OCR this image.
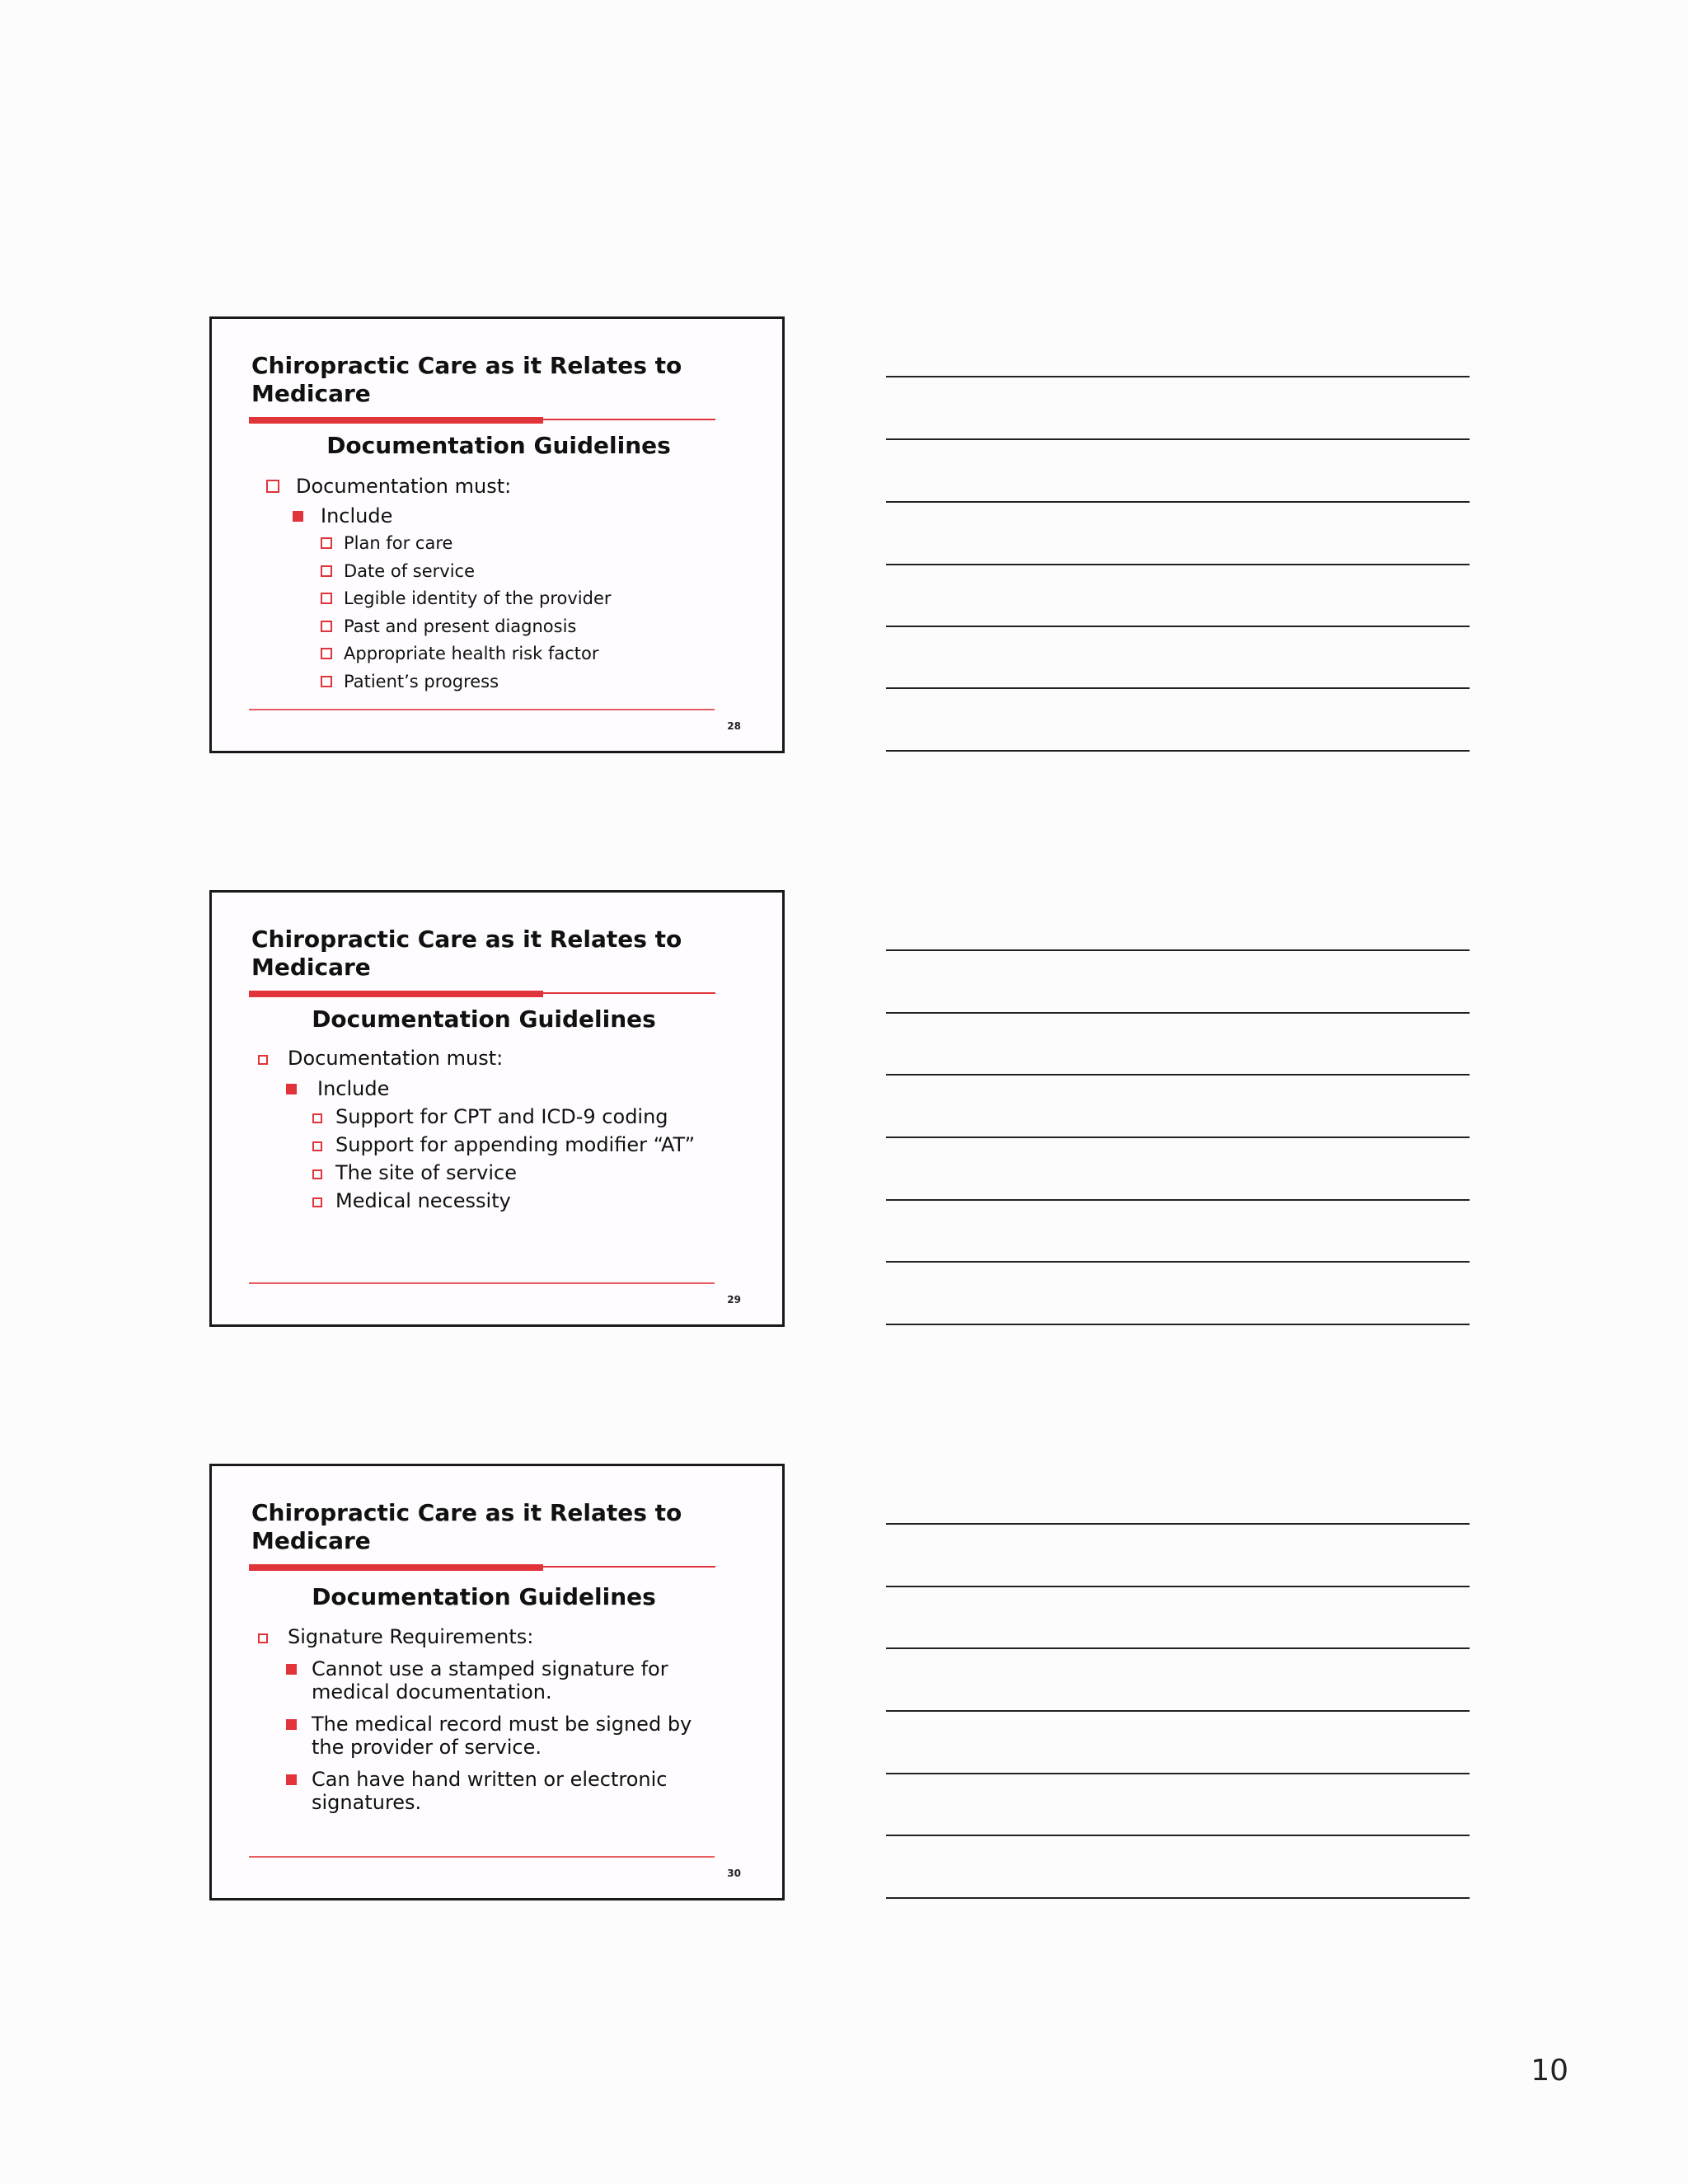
Chiropractic Care as it Relates to Medicare
Documentation Guidelines
Documentation must:
Include
Plan for care
Date of service
Legible identity of the provider
Past and present diagnosis
Appropriate health risk factor
Patient’s progress
28
Chiropractic Care as it Relates to Medicare
Documentation Guidelines
Documentation must:
Include
Support for CPT and ICD-9 coding
Support for appending modifier “AT”
The site of service
Medical necessity
29
Chiropractic Care as it Relates to Medicare
Documentation Guidelines
Signature Requirements:
Cannot use a stamped signature for medical documentation.
The medical record must be signed by the provider of service.
Can have hand written or electronic signatures.
30
10
